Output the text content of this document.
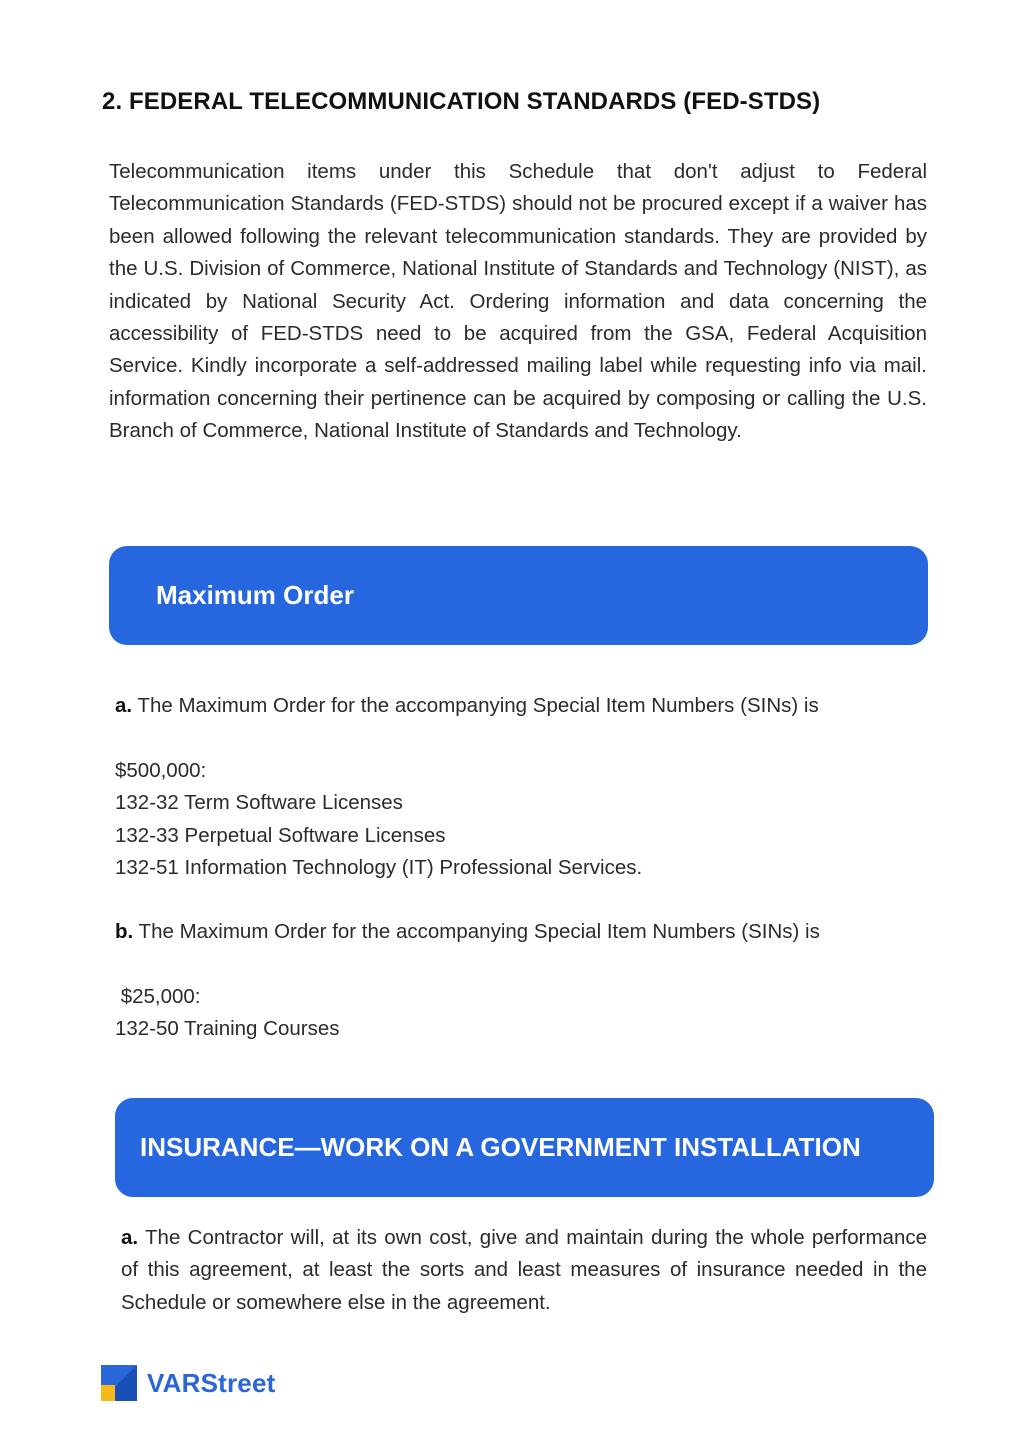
2. FEDERAL TELECOMMUNICATION STANDARDS (FED-STDS)

Telecommunication items under this Schedule that don't adjust to Federal Telecommunication Standards (FED-STDS) should not be procured except if a waiver has been allowed following the relevant telecommunication standards. They are provided by the U.S. Division of Commerce, National Institute of Standards and Technology (NIST), as indicated by National Security Act. Ordering information and data concerning the accessibility of FED-STDS need to be acquired from the GSA, Federal Acquisition Service. Kindly incorporate a self-addressed mailing label while requesting info via mail. information concerning their pertinence can be acquired by composing or calling the U.S. Branch of Commerce, National Institute of Standards and Technology.

Maximum Order

a. The Maximum Order for the accompanying Special Item Numbers (SINs) is

$500,000:

132-32 Term Software Licenses

132-33 Perpetual Software Licenses

132-51 Information Technology (IT) Professional Services.

b. The Maximum Order for the accompanying Special Item Numbers (SINs) is

$25,000:

132-50 Training Courses

INSURANCE—WORK ON A GOVERNMENT INSTALLATION

a. The Contractor will, at its own cost, give and maintain during the whole performance of this agreement, at least the sorts and least measures of insurance needed in the Schedule or somewhere else in the agreement.

VARStreet
